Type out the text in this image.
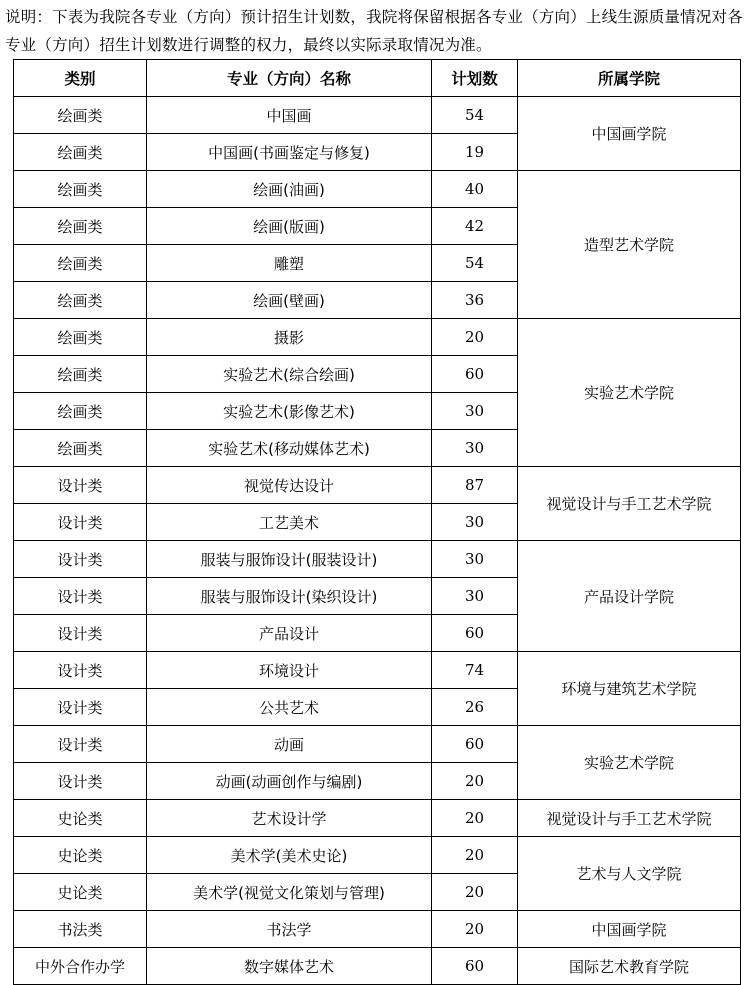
说明：下表为我院各专业（方向）预计招生计划数，我院将保留根据各专业（方向）上线生源质量情况对各专业（方向）招生计划数进行调整的权力，最终以实际录取情况为准。
类别	专业（方向）名称	计划数	所属学院
绘画类	中国画	54	中国画学院
绘画类	中国画(书画鉴定与修复)	19	
绘画类	绘画(油画)	40	造型艺术学院
绘画类	绘画(版画)	42	
绘画类	雕塑	54	
绘画类	绘画(壁画)	36	
绘画类	摄影	20	实验艺术学院
绘画类	实验艺术(综合绘画)	60	
绘画类	实验艺术(影像艺术)	30	
绘画类	实验艺术(移动媒体艺术)	30	
设计类	视觉传达设计	87	视觉设计与手工艺术学院
设计类	工艺美术	30	
设计类	服装与服饰设计(服装设计)	30	产品设计学院
设计类	服装与服饰设计(染织设计)	30	
设计类	产品设计	60	
设计类	环境设计	74	环境与建筑艺术学院
设计类	公共艺术	26	
设计类	动画	60	实验艺术学院
设计类	动画(动画创作与编剧)	20	
史论类	艺术设计学	20	视觉设计与手工艺术学院
史论类	美术学(美术史论)	20	艺术与人文学院
史论类	美术学(视觉文化策划与管理)	20	
书法类	书法学	20	中国画学院
中外合作办学	数字媒体艺术	60	国际艺术教育学院
